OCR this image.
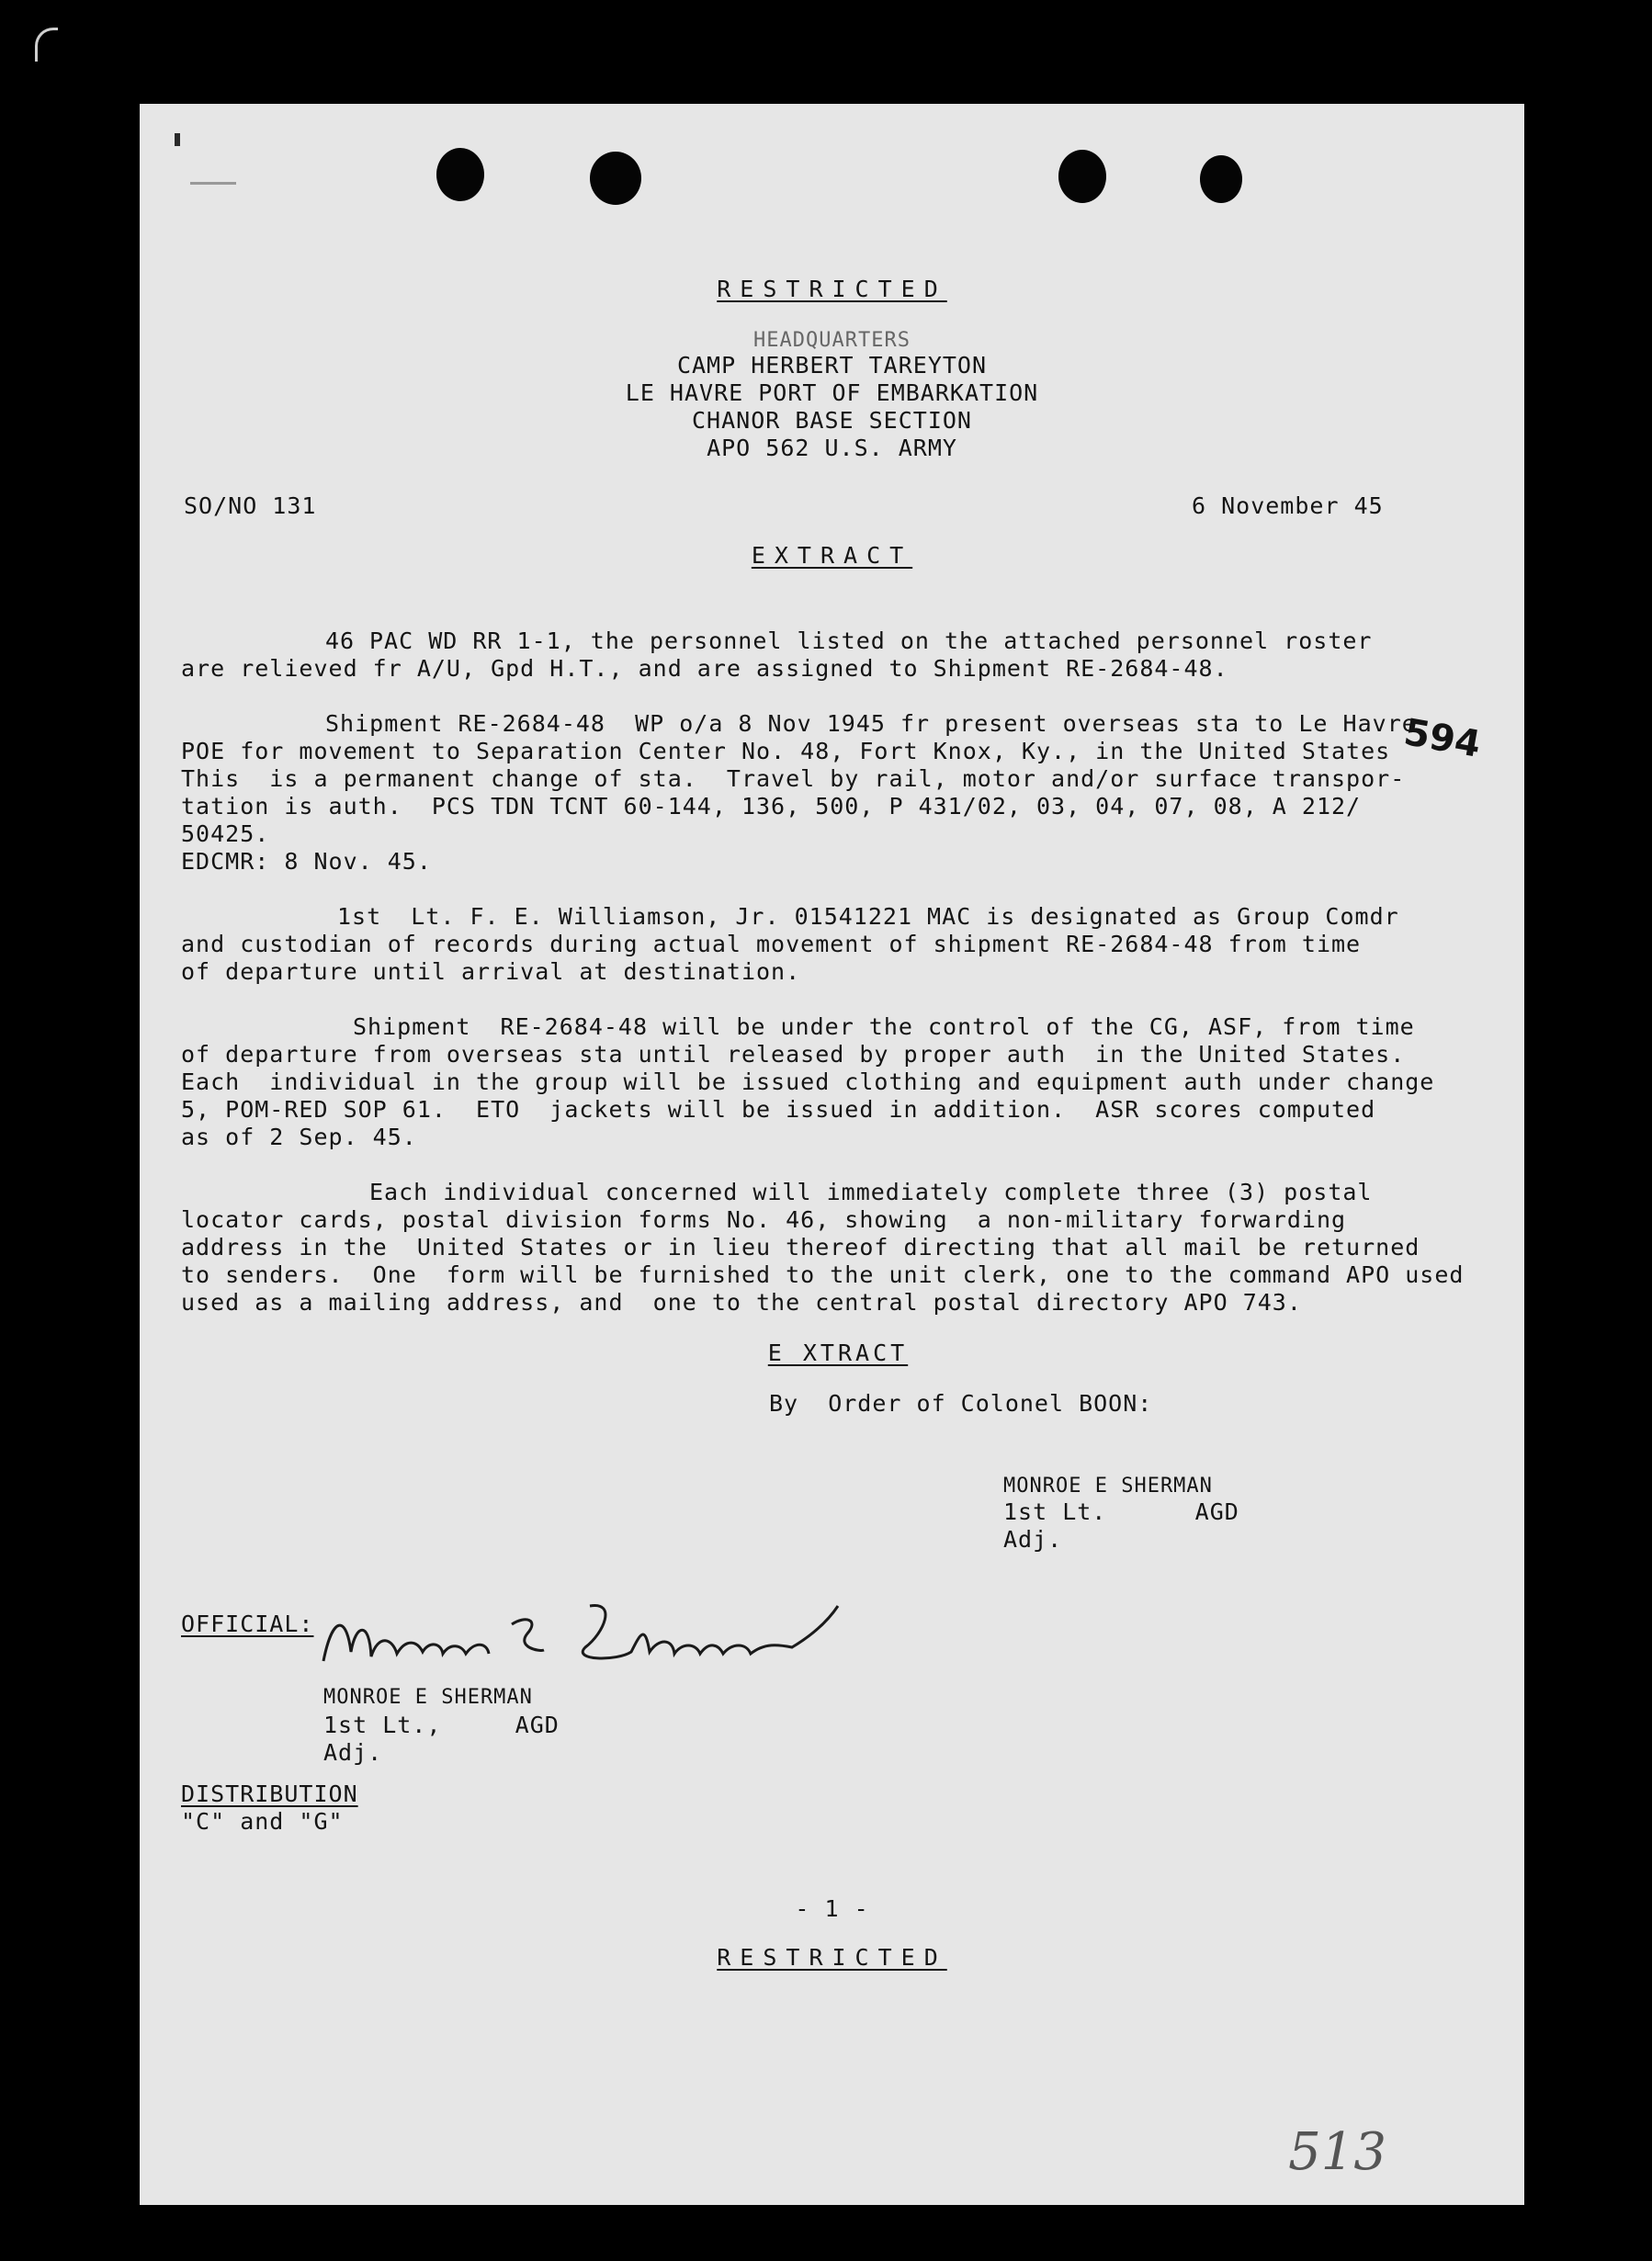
RESTRICTED
HEADQUARTERS
CAMP HERBERT TAREYTON
LE HAVRE PORT OF EMBARKATION
CHANOR BASE SECTION
APO 562 U.S. ARMY
SO/NO 131	6 November 45
EXTRACT
46 PAC WD RR 1-1, the personnel listed on the attached personnel roster
are relieved fr A/U, Gpd H.T., and are assigned to Shipment RE-2684-48.
Shipment RE-2684-48  WP o/a 8 Nov 1945 fr present overseas sta to Le Havre
POE for movement to Separation Center No. 48, Fort Knox, Ky., in the United States
This  is a permanent change of sta.  Travel by rail, motor and/or surface transpor-
tation is auth.  PCS TDN TCNT 60-144, 136, 500, P 431/02, 03, 04, 07, 08, A 212/
50425.
EDCMR: 8 Nov. 45.
594
1st  Lt. F. E. Williamson, Jr. 01541221 MAC is designated as Group Comdr
and custodian of records during actual movement of shipment RE-2684-48 from time
of departure until arrival at destination.
Shipment  RE-2684-48 will be under the control of the CG, ASF, from time
of departure from overseas sta until released by proper auth  in the United States.
Each  individual in the group will be issued clothing and equipment auth under change
5, POM-RED SOP 61.  ETO  jackets will be issued in addition.  ASR scores computed
as of 2 Sep. 45.
Each individual concerned will immediately complete three (3) postal
locator cards, postal division forms No. 46, showing  a non-military forwarding
address in the  United States or in lieu thereof directing that all mail be returned
to senders.  One  form will be furnished to the unit clerk, one to the command APO used
used as a mailing address, and  one to the central postal directory APO 743.
E XTRACT
By  Order of Colonel BOON:
MONROE E SHERMAN
1st Lt.      AGD
Adj.
OFFICIAL:
MONROE E SHERMAN
1st Lt.,     AGD
Adj.
DISTRIBUTION
"C" and "G"
- 1 -
RESTRICTED
513
